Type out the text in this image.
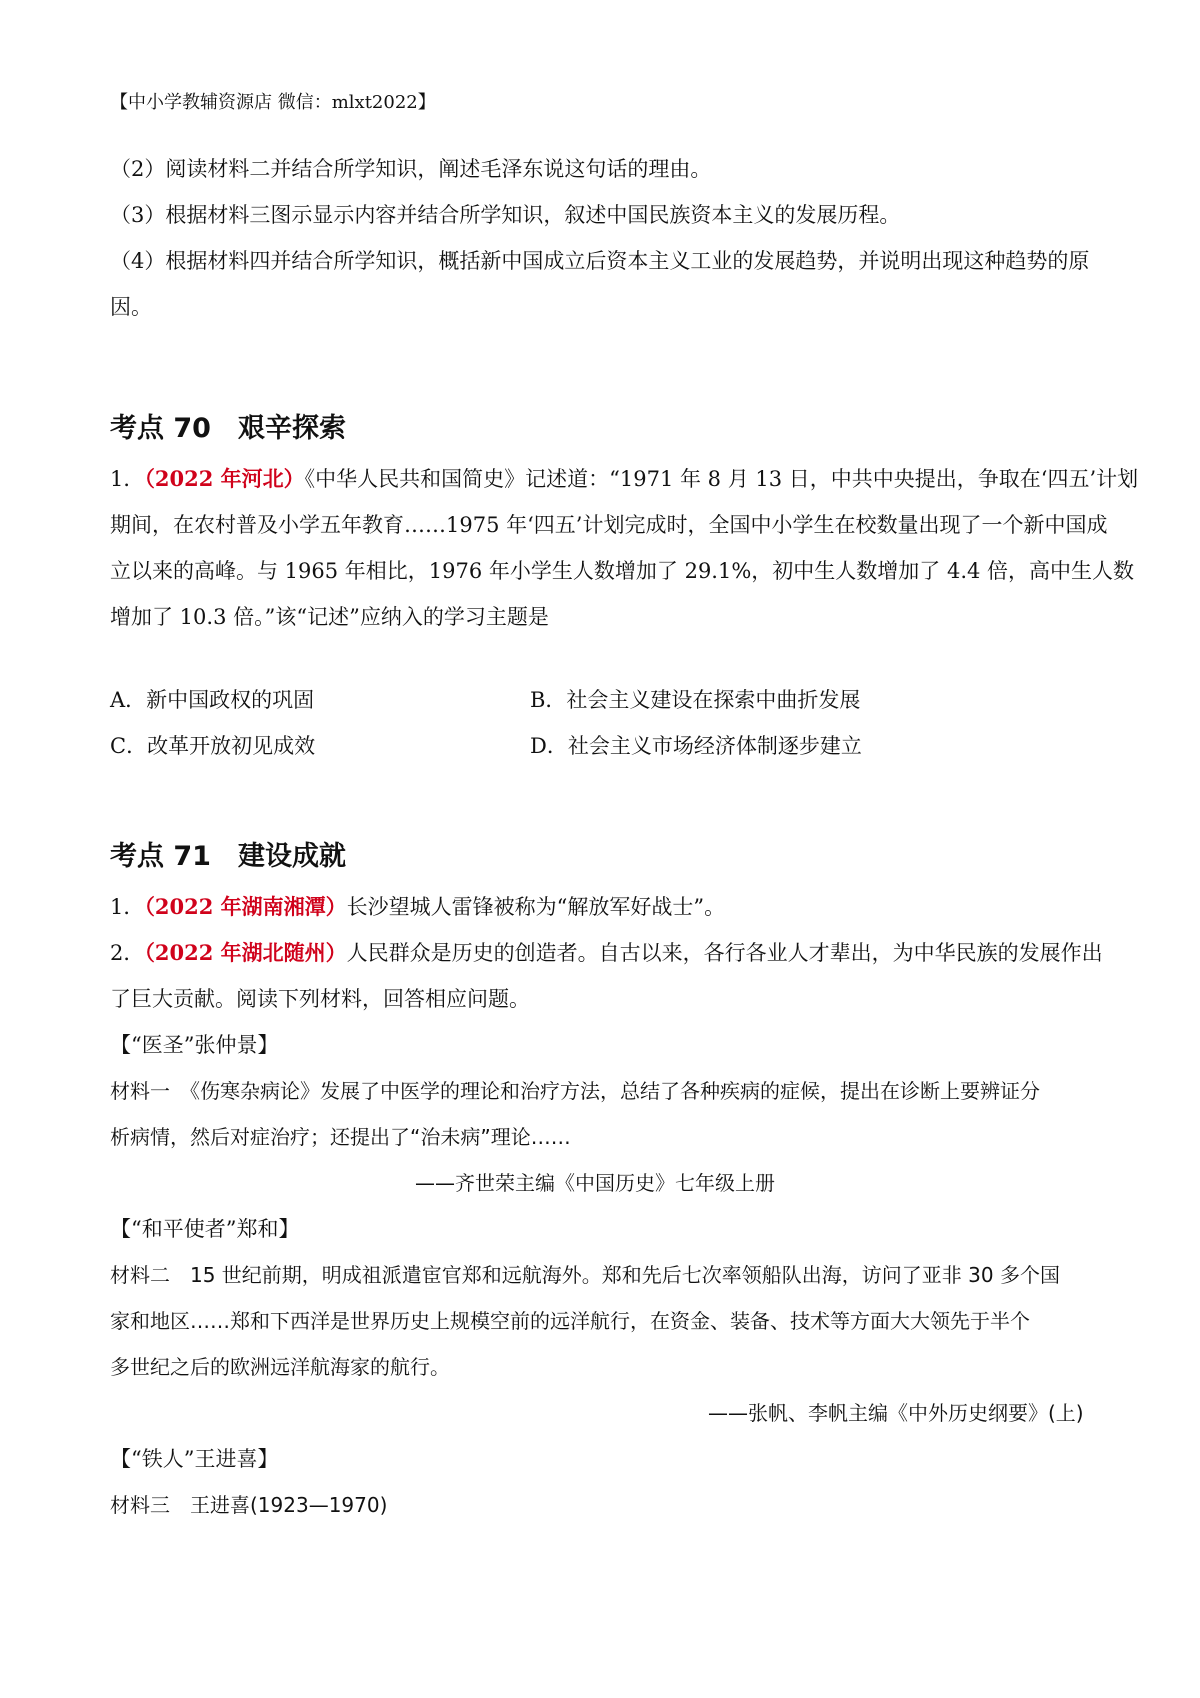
【中小学教辅资源店 微信：mlxt2022】
（2）阅读材料二并结合所学知识，阐述毛泽东说这句话的理由。
（3）根据材料三图示显示内容并结合所学知识，叙述中国民族资本主义的发展历程。
（4）根据材料四并结合所学知识，概括新中国成立后资本主义工业的发展趋势，并说明出现这种趋势的原
因。
考点 70　艰辛探索
1．（2022 年河北）《中华人民共和国简史》记述道：“1971 年 8 月 13 日，中共中央提出，争取在‘四五’计划
期间，在农村普及小学五年教育……1975 年‘四五’计划完成时，全国中小学生在校数量出现了一个新中国成
立以来的高峰。与 1965 年相比，1976 年小学生人数增加了 29.1%，初中生人数增加了 4.4 倍，高中生人数
增加了 10.3 倍。”该“记述”应纳入的学习主题是
A．新中国政权的巩固	B．社会主义建设在探索中曲折发展
C．改革开放初见成效	D．社会主义市场经济体制逐步建立
考点 71　建设成就
1．（2022 年湖南湘潭）长沙望城人雷锋被称为“解放军好战士”。
2．（2022 年湖北随州）人民群众是历史的创造者。自古以来，各行各业人才辈出，为中华民族的发展作出
了巨大贡献。阅读下列材料，回答相应问题。
【“医圣”张仲景】
材料一　《伤寒杂病论》发展了中医学的理论和治疗方法，总结了各种疾病的症候，提出在诊断上要辨证分
析病情，然后对症治疗；还提出了“治未病”理论……
——齐世荣主编《中国历史》七年级上册
【“和平使者”郑和】
材料二　15 世纪前期，明成祖派遣宦官郑和远航海外。郑和先后七次率领船队出海，访问了亚非 30 多个国
家和地区……郑和下西洋是世界历史上规模空前的远洋航行，在资金、装备、技术等方面大大领先于半个
多世纪之后的欧洲远洋航海家的航行。
——张帆、李帆主编《中外历史纲要》(上)
【“铁人”王进喜】
材料三　王进喜(1923—1970)
